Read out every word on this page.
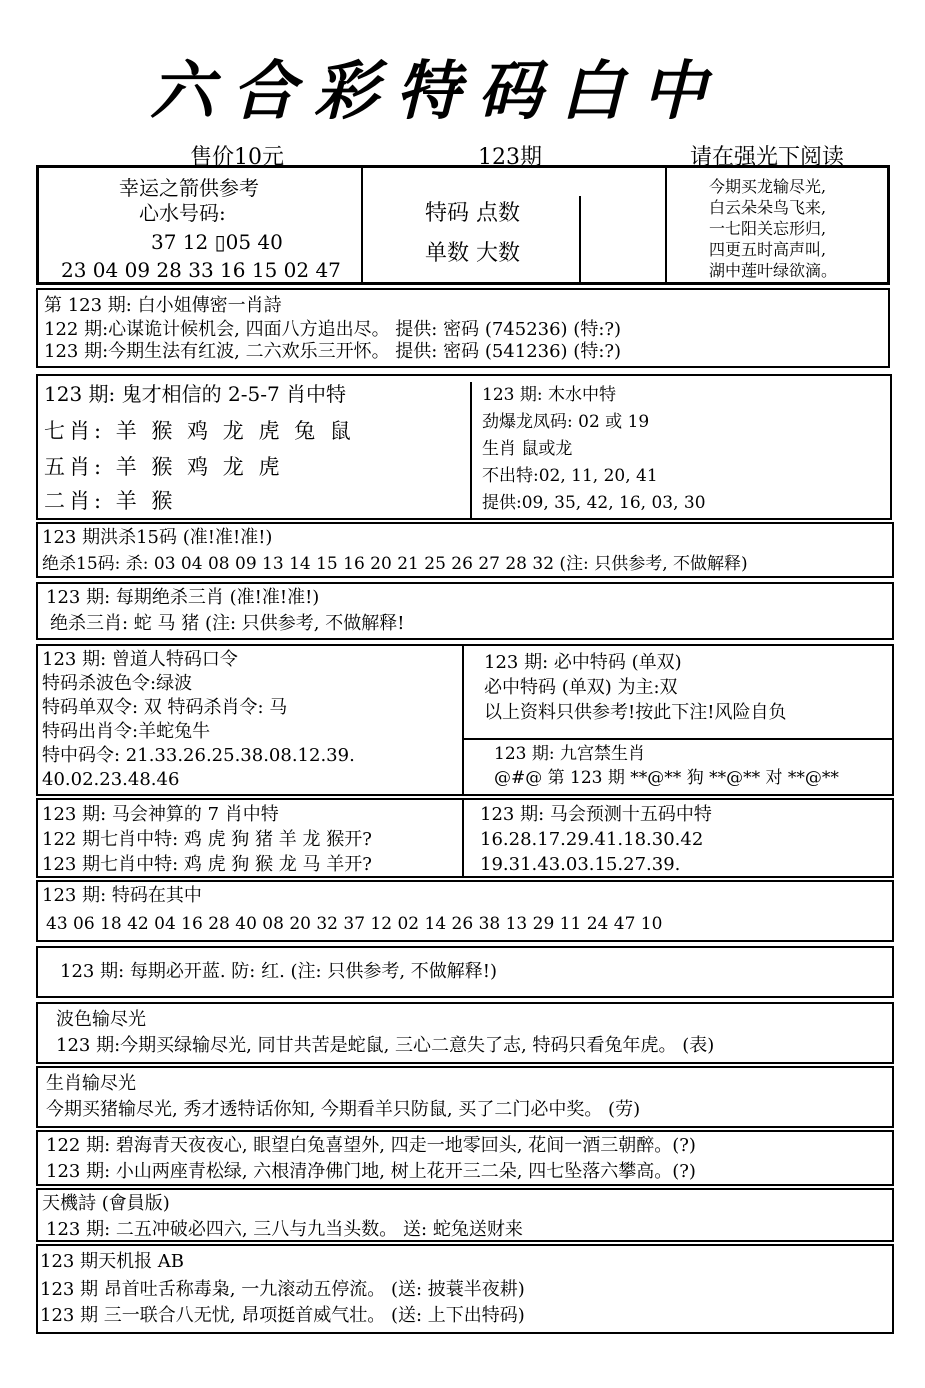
六合彩特码白中
售价10元	123期	请在强光下阅读
幸运之箭供参考
心水号码:
37 12 ▯05 40
23 04 09 28 33 16 15 02 47
特码 点数
单数 大数
今期买龙输尽光,
白云朵朵鸟飞来,
一七阳关忘形归,
四更五时高声叫,
湖中莲叶绿欲滴。
第 123 期: 白小姐傳密一肖詩
122 期:心谋诡计候机会, 四面八方追出尽。 提供: 密码 (745236) (特:?)
123 期:今期生法有红波, 二六欢乐三开怀。 提供: 密码 (541236) (特:?)
123 期: 鬼才相信的 2-5-7 肖中特
七肖: 羊 猴 鸡 龙 虎 兔 鼠
五肖: 羊 猴 鸡 龙 虎
二肖: 羊 猴
123 期: 木水中特
劲爆龙凤码: 02 或 19
生肖 鼠或龙
不出特:02, 11, 20, 41
提供:09, 35, 42, 16, 03, 30
123 期洪杀15码 (准!准!准!)
绝杀15码: 杀: 03 04 08 09 13 14 15 16 20 21 25 26 27 28 32 (注: 只供参考, 不做解释)
123 期: 每期绝杀三肖 (准!准!准!)
绝杀三肖: 蛇 马 猪 (注: 只供参考, 不做解释!
123 期: 曾道人特码口令
特码杀波色令:绿波
特码单双令: 双 特码杀肖令: 马
特码出肖令:羊蛇兔牛
特中码令: 21.33.26.25.38.08.12.39.
40.02.23.48.46
123 期: 必中特码 (单双)
必中特码 (单双) 为主:双
以上资料只供参考!按此下注!风险自负
123 期: 九宫禁生肖
@#@ 第 123 期 **@** 狗 **@** 对 **@**
123 期: 马会神算的 7 肖中特
122 期七肖中特: 鸡 虎 狗 猪 羊 龙 猴开?
123 期七肖中特: 鸡 虎 狗 猴 龙 马 羊开?
123 期: 马会预测十五码中特
16.28.17.29.41.18.30.42
19.31.43.03.15.27.39.
123 期: 特码在其中
43 06 18 42 04 16 28 40 08 20 32 37 12 02 14 26 38 13 29 11 24 47 10
123 期: 每期必开蓝. 防: 红. (注: 只供参考, 不做解释!)
波色输尽光
123 期:今期买绿输尽光, 同甘共苦是蛇鼠, 三心二意失了志, 特码只看兔年虎。 (表)
生肖输尽光
今期买猪输尽光, 秀才透特话你知, 今期看羊只防鼠, 买了二门必中奖。 (劳)
122 期: 碧海青天夜夜心, 眼望白兔喜望外, 四走一地零回头, 花间一酒三朝醉。(?)
123 期: 小山两座青松绿, 六根清净佛门地, 树上花开三二朵, 四七坠落六攀高。(?)
天機詩 (會員版)
123 期: 二五冲破必四六, 三八与九当头数。 送: 蛇兔送财来
123 期天机报 AB
123 期 昂首吐舌称毒枭, 一九滚动五停流。 (送: 披蓑半夜耕)
123 期 三一联合八无忧, 昂项挺首威气壮。 (送: 上下出特码)
